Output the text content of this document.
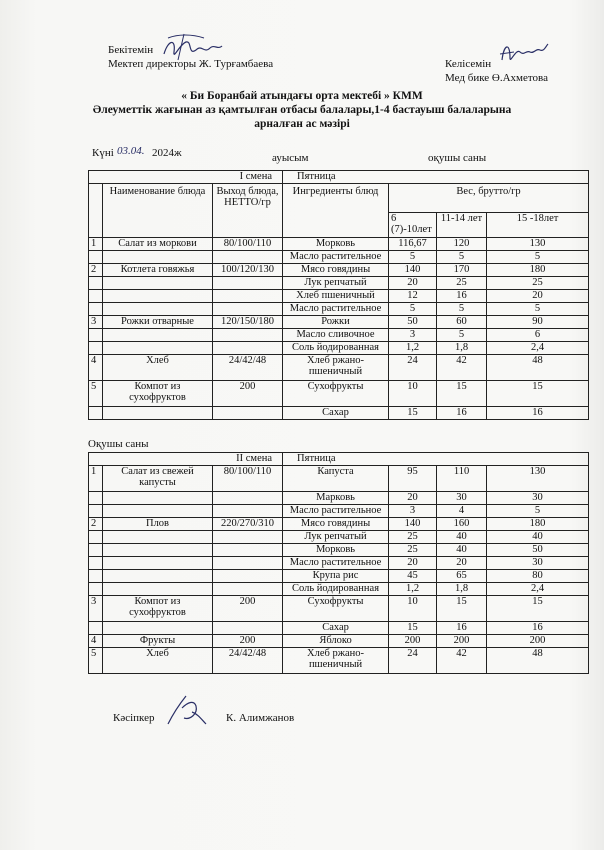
Бекітемін
Мектеп директоры Ж. Турғамбаева	Келісемін
Мед бике Ө.Ахметова
« Би Боранбай атындағы орта мектебі » КММ
Әлеуметтік жағынан аз қамтылған отбасы балалары,1-4 бастауыш балаларына
арналған ас мәзірі
Күні 03.04. 2024ж	ауысым	оқушы саны
I смена			Пятница			
	Наименование блюда	Выход блюда, НЕТТО/гр	Ингредиенты блюд	Вес, брутто/гр		
				6 (7)-10лет	11-14 лет	15 -18лет
1	Салат из моркови	80/100/110	Морковь	116,67	120	130
			Масло растительное	5	5	5
2	Котлета говяжья	100/120/130	Мясо говядины	140	170	180
			Лук репчатый	20	25	25
			Хлеб пшеничный	12	16	20
			Масло растительное	5	5	5
3	Рожки отварные	120/150/180	Рожки	50	60	90
			Масло сливочное	3	5	6
			Соль йодированная	1,2	1,8	2,4
4	Хлеб	24/42/48	Хлеб ржано-пшеничный	24	42	48
5	Компот из сухофруктов	200	Сухофрукты	10	15	15
			Сахар	15	16	16
Оқушы саны
II смена			Пятница			
1	Салат из свежей капусты	80/100/110	Капуста	95	110	130
			Марковь	20	30	30
			Масло растительное	3	4	5
2	Плов	220/270/310	Мясо говядины	140	160	180
			Лук репчатый	25	40	40
			Морковь	25	40	50
			Масло растительное	20	20	30
			Крупа рис	45	65	80
			Соль йодированная	1,2	1,8	2,4
3	Компот из сухофруктов	200	Сухофрукты	10	15	15
			Сахар	15	16	16
4	Фрукты	200	Яблоко	200	200	200
5	Хлеб	24/42/48	Хлеб ржано-пшеничный	24	42	48
Кәсіпкер	К. Алимжанов
